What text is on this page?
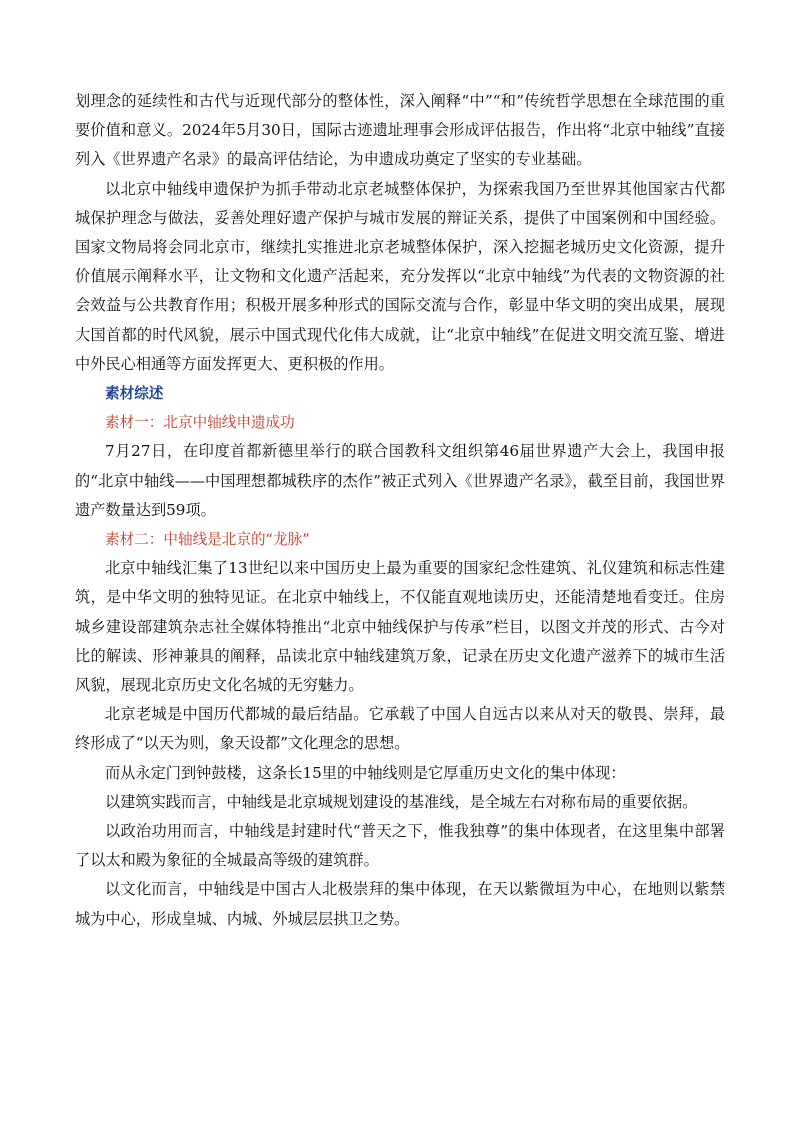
划理念的延续性和古代与近现代部分的整体性，深入阐释“中”“和”传统哲学思想在全球范围的重要价值和意义。2024年5月30日，国际古迹遗址理事会形成评估报告，作出将“北京中轴线”直接列入《世界遗产名录》的最高评估结论，为申遗成功奠定了坚实的专业基础。

以北京中轴线申遗保护为抓手带动北京老城整体保护，为探索我国乃至世界其他国家古代都城保护理念与做法，妥善处理好遗产保护与城市发展的辩证关系，提供了中国案例和中国经验。国家文物局将会同北京市，继续扎实推进北京老城整体保护，深入挖掘老城历史文化资源，提升价值展示阐释水平，让文物和文化遗产活起来，充分发挥以“北京中轴线”为代表的文物资源的社会效益与公共教育作用；积极开展多种形式的国际交流与合作，彰显中华文明的突出成果，展现大国首都的时代风貌，展示中国式现代化伟大成就，让“北京中轴线”在促进文明交流互鉴、增进中外民心相通等方面发挥更大、更积极的作用。

素材综述

素材一：北京中轴线申遗成功

7月27日，在印度首都新德里举行的联合国教科文组织第46届世界遗产大会上，我国申报的“北京中轴线——中国理想都城秩序的杰作”被正式列入《世界遗产名录》，截至目前，我国世界遗产数量达到59项。

素材二：中轴线是北京的“龙脉”

北京中轴线汇集了13世纪以来中国历史上最为重要的国家纪念性建筑、礼仪建筑和标志性建筑，是中华文明的独特见证。在北京中轴线上，不仅能直观地读历史，还能清楚地看变迁。住房城乡建设部建筑杂志社全媒体特推出“北京中轴线保护与传承”栏目，以图文并茂的形式、古今对比的解读、形神兼具的阐释，品读北京中轴线建筑万象，记录在历史文化遗产滋养下的城市生活风貌，展现北京历史文化名城的无穷魅力。

北京老城是中国历代都城的最后结晶。它承载了中国人自远古以来从对天的敬畏、崇拜，最终形成了“以天为则，象天设都”文化理念的思想。

而从永定门到钟鼓楼，这条长15里的中轴线则是它厚重历史文化的集中体现：

以建筑实践而言，中轴线是北京城规划建设的基准线，是全城左右对称布局的重要依据。

以政治功用而言，中轴线是封建时代“普天之下，惟我独尊”的集中体现者，在这里集中部署了以太和殿为象征的全城最高等级的建筑群。

以文化而言，中轴线是中国古人北极崇拜的集中体现，在天以紫微垣为中心，在地则以紫禁城为中心，形成皇城、内城、外城层层拱卫之势。
